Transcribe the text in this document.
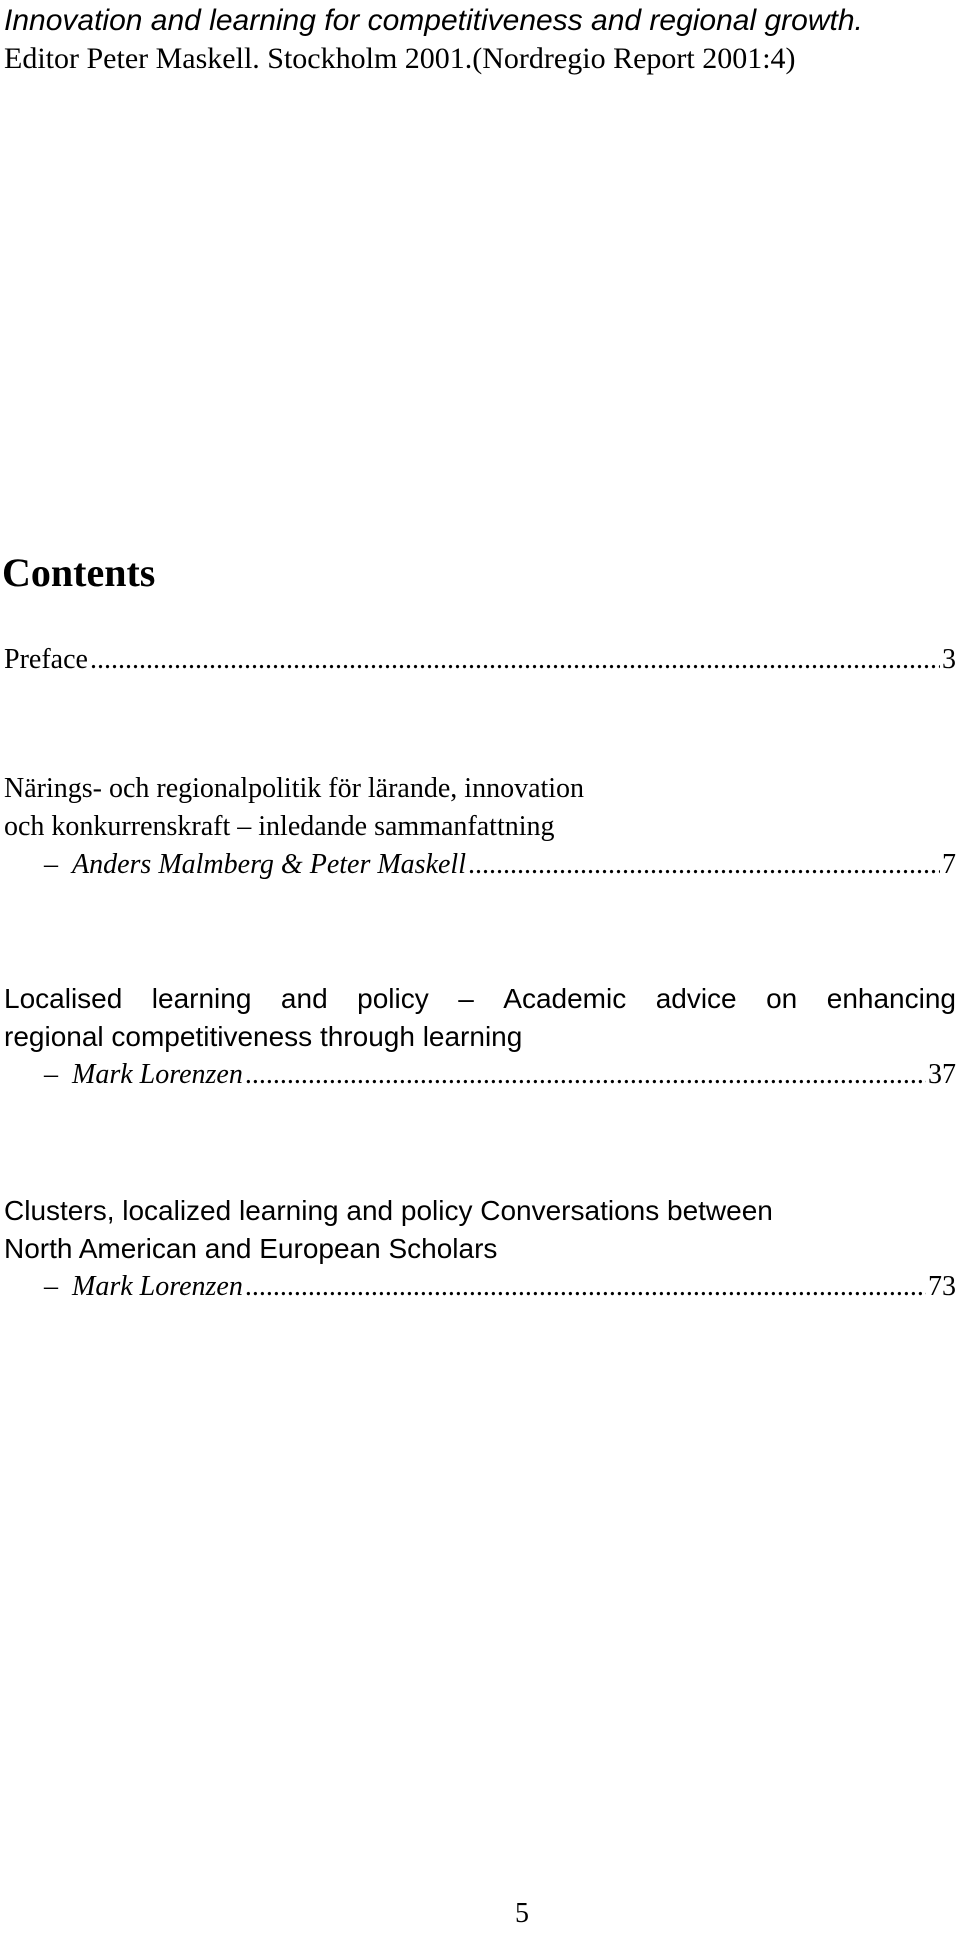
Innovation and learning for competitiveness and regional growth.
Editor Peter Maskell. Stockholm 2001.(Nordregio Report 2001:4)
Contents
Preface .....	3
Närings- och regionalpolitik för lärande, innovation
och konkurrenskraft – inledande sammanfattning
– Anders Malmberg & Peter Maskell .....	7
Localised learning and policy – Academic advice on enhancing
regional competitiveness through learning
– Mark Lorenzen .....	37
Clusters, localized learning and policy Conversations between
North American and European Scholars
– Mark Lorenzen .....	73
5
